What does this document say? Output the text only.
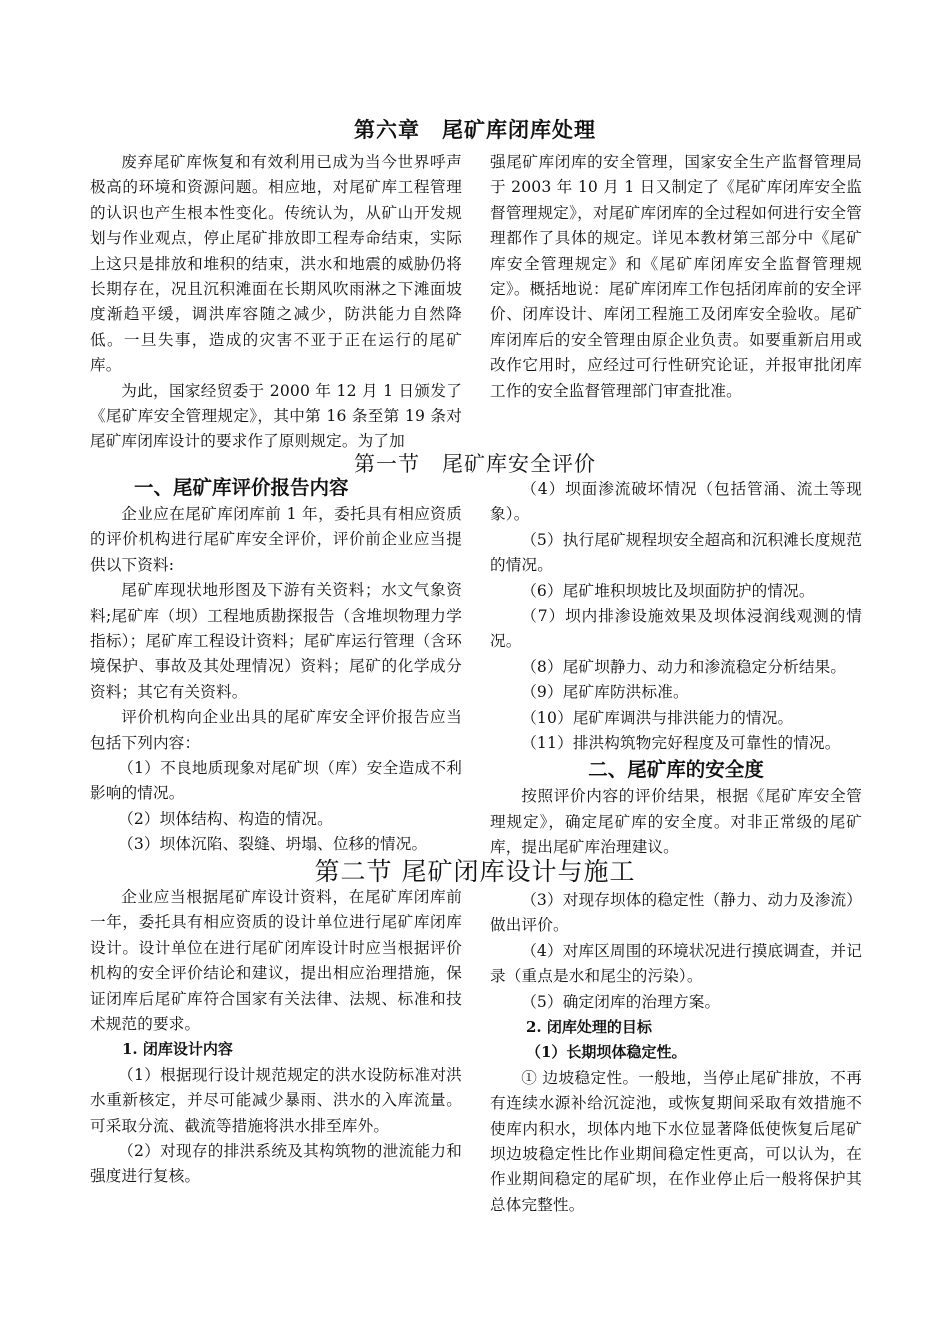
第六章　尾矿库闭库处理

废弃尾矿库恢复和有效利用已成为当今世界呼声极高的环境和资源问题。相应地，对尾矿库工程管理的认识也产生根本性变化。传统认为，从矿山开发规划与作业观点，停止尾矿排放即工程寿命结束，实际上这只是排放和堆积的结束，洪水和地震的威胁仍将长期存在，况且沉积滩面在长期风吹雨淋之下滩面坡度渐趋平缓，调洪库容随之减少，防洪能力自然降低。一旦失事，造成的灾害不亚于正在运行的尾矿库。

为此，国家经贸委于 2000 年 12 月 1 日颁发了《尾矿库安全管理规定》，其中第 16 条至第 19 条对尾矿库闭库设计的要求作了原则规定。为了加

强尾矿库闭库的安全管理，国家安全生产监督管理局于 2003 年 10 月 1 日又制定了《尾矿库闭库安全监督管理规定》，对尾矿库闭库的全过程如何进行安全管理都作了具体的规定。详见本教材第三部分中《尾矿库安全管理规定》和《尾矿库闭库安全监督管理规定》。概括地说：尾矿库闭库工作包括闭库前的安全评价、闭库设计、库闭工程施工及闭库安全验收。尾矿库闭库后的安全管理由原企业负责。如要重新启用或改作它用时，应经过可行性研究论证，并报审批闭库工作的安全监督管理部门审查批准。

第一节　尾矿库安全评价
一、尾矿库评价报告内容

企业应在尾矿库闭库前 1 年，委托具有相应资质的评价机构进行尾矿库安全评价，评价前企业应当提供以下资料:

尾矿库现状地形图及下游有关资料；水文气象资料;尾矿库（坝）工程地质勘探报告（含堆坝物理力学指标）；尾矿库工程设计资料；尾矿库运行管理（含环境保护、事故及其处理情况）资料；尾矿的化学成分资料；其它有关资料。

评价机构向企业出具的尾矿库安全评价报告应当包括下列内容：

（1）不良地质现象对尾矿坝（库）安全造成不利影响的情况。

（2）坝体结构、构造的情况。

（3）坝体沉陷、裂缝、坍塌、位移的情况。

（4）坝面渗流破坏情况（包括管涌、流土等现象）。

（5）执行尾矿规程坝安全超高和沉积滩长度规范的情况。

（6）尾矿堆积坝坡比及坝面防护的情况。

（7）坝内排渗设施效果及坝体浸润线观测的情况。

（8）尾矿坝静力、动力和渗流稳定分析结果。

（9）尾矿库防洪标准。

（10）尾矿库调洪与排洪能力的情况。

（11）排洪构筑物完好程度及可靠性的情况。

二、尾矿库的安全度

按照评价内容的评价结果，根据《尾矿库安全管理规定》，确定尾矿库的安全度。对非正常级的尾矿库，提出尾矿库治理建议。

第二节 尾矿闭库设计与施工

企业应当根据尾矿库设计资料，在尾矿库闭库前一年，委托具有相应资质的设计单位进行尾矿库闭库设计。设计单位在进行尾矿闭库设计时应当根据评价机构的安全评价结论和建议，提出相应治理措施，保证闭库后尾矿库符合国家有关法律、法规、标准和技术规范的要求。

1. 闭库设计内容

（1）根据现行设计规范规定的洪水设防标准对洪水重新核定，并尽可能减少暴雨、洪水的入库流量。可采取分流、截流等措施将洪水排至库外。

（2）对现存的排洪系统及其构筑物的泄流能力和强度进行复核。

（3）对现存坝体的稳定性（静力、动力及渗流）做出评价。

（4）对库区周围的环境状况进行摸底调查，并记录（重点是水和尾尘的污染）。

（5）确定闭库的治理方案。

2. 闭库处理的目标
（1）长期坝体稳定性。

① 边坡稳定性。一般地，当停止尾矿排放，不再有连续水源补给沉淀池，或恢复期间采取有效措施不使库内积水，坝体内地下水位显著降低使恢复后尾矿坝边坡稳定性比作业期间稳定性更高，可以认为，在作业期间稳定的尾矿坝，在作业停止后一般将保护其总体完整性。
